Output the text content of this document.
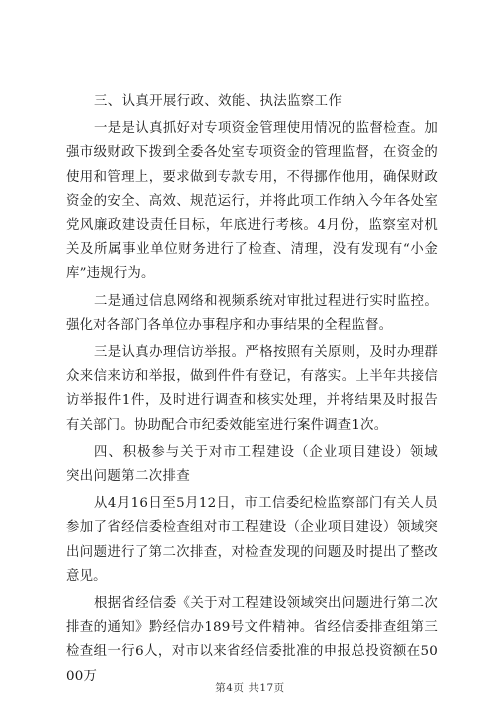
三、认真开展行政、效能、执法监察工作

一是是认真抓好对专项资金管理使用情况的监督检查。加强市级财政下拨到全委各处室专项资金的管理监督，在资金的使用和管理上，要求做到专款专用，不得挪作他用，确保财政资金的安全、高效、规范运行，并将此项工作纳入今年各处室党风廉政建设责任目标，年底进行考核。4月份，监察室对机关及所属事业单位财务进行了检查、清理，没有发现有“小金库”违规行为。

二是通过信息网络和视频系统对审批过程进行实时监控。强化对各部门各单位办事程序和办事结果的全程监督。

三是认真办理信访举报。严格按照有关原则，及时办理群众来信来访和举报，做到件件有登记，有落实。上半年共接信访举报件1件，及时进行调查和核实处理，并将结果及时报告有关部门。协助配合市纪委效能室进行案件调查1次。

四、积极参与关于对市工程建设（企业项目建设）领域突出问题第二次排查

从4月16日至5月12日，市工信委纪检监察部门有关人员参加了省经信委检查组对市工程建设（企业项目建设）领域突出问题进行了第二次排查，对检查发现的问题及时提出了整改意见。

根据省经信委《关于对工程建设领域突出问题进行第二次排查的通知》黔经信办189号文件精神。省经信委排查组第三检查组一行6人，对市以来省经信委批准的申报总投资额在5000万

第4页 共17页
